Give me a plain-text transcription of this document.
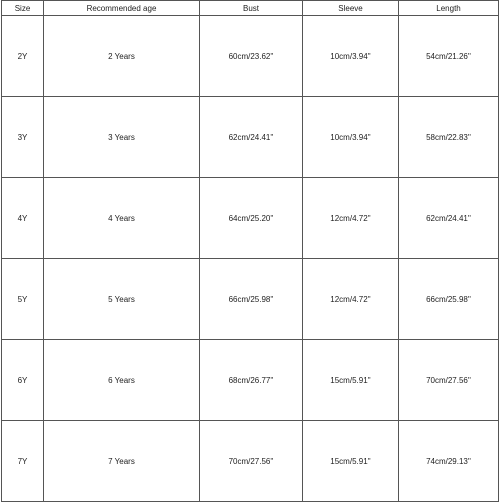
Size	Recommended age	Bust	Sleeve	Length
2Y	2 Years	60cm/23.62''	10cm/3.94''	54cm/21.26''
3Y	3 Years	62cm/24.41''	10cm/3.94''	58cm/22.83''
4Y	4 Years	64cm/25.20''	12cm/4.72''	62cm/24.41''
5Y	5 Years	66cm/25.98''	12cm/4.72''	66cm/25.98''
6Y	6 Years	68cm/26.77''	15cm/5.91''	70cm/27.56''
7Y	7 Years	70cm/27.56''	15cm/5.91''	74cm/29.13''
